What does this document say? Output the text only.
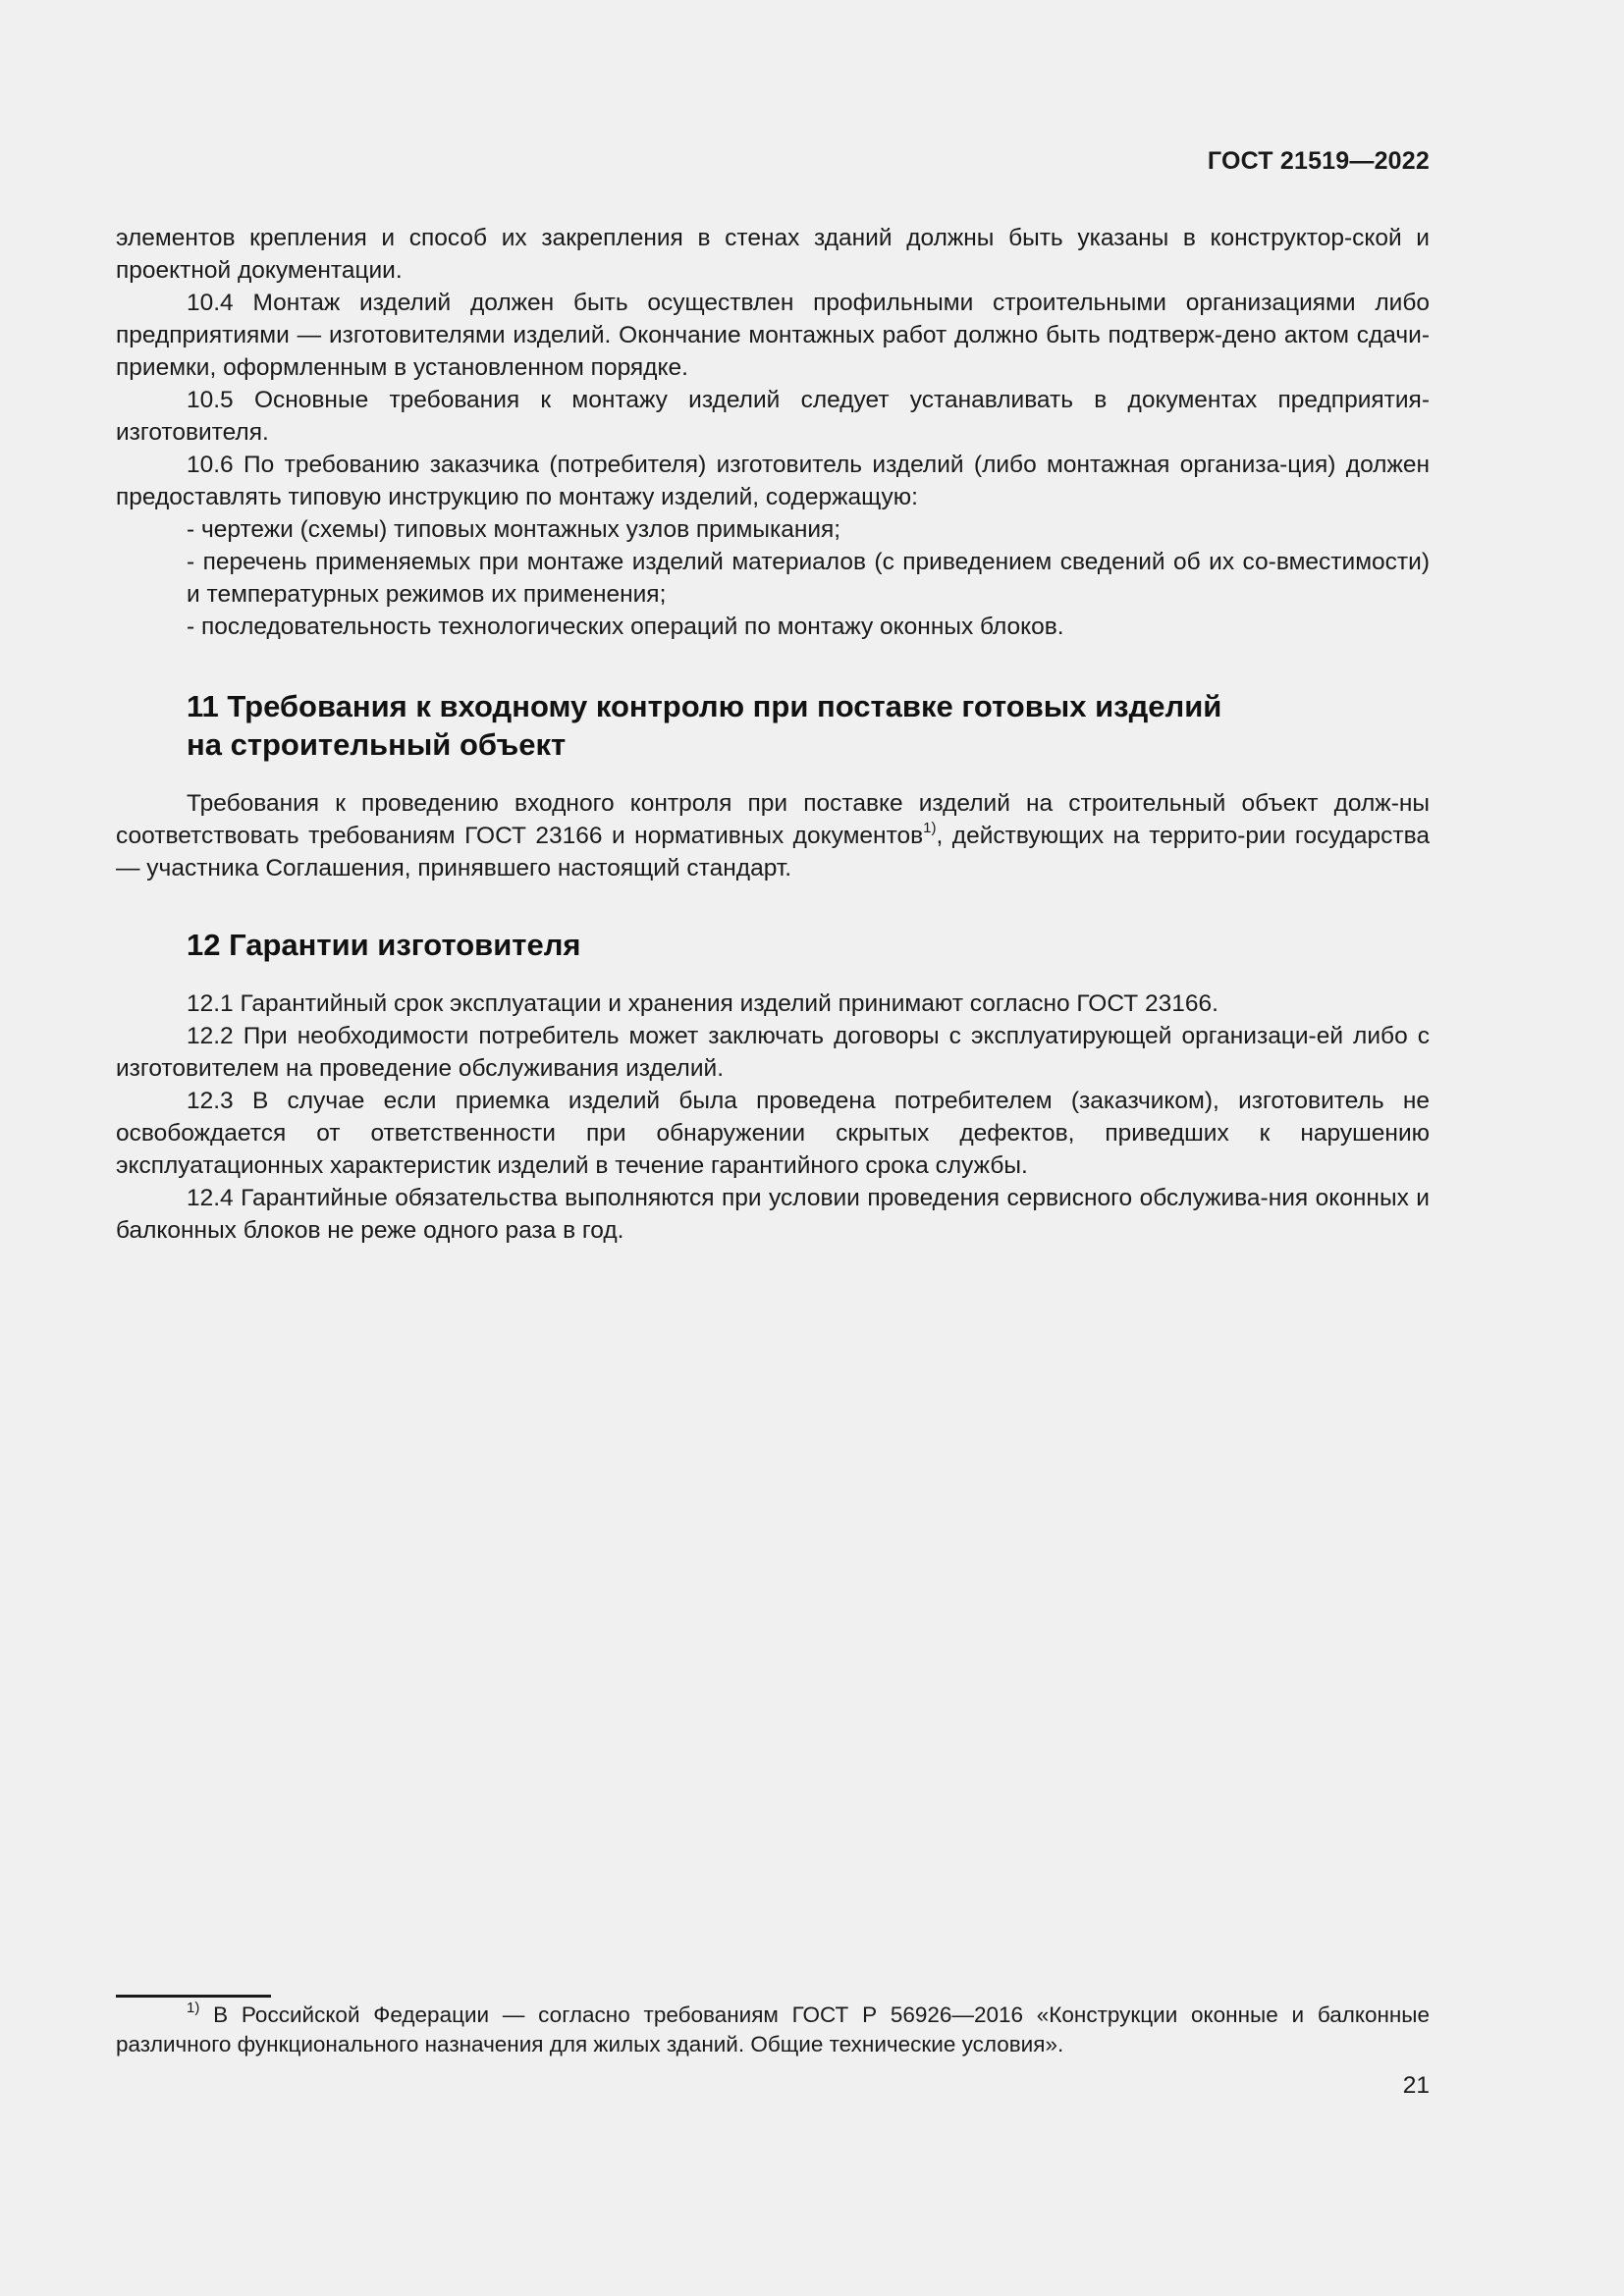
ГОСТ 21519—2022

элементов крепления и способ их закрепления в стенах зданий должны быть указаны в конструктор-ской и проектной документации.

10.4 Монтаж изделий должен быть осуществлен профильными строительными организациями либо предприятиями — изготовителями изделий. Окончание монтажных работ должно быть подтверж-дено актом сдачи-приемки, оформленным в установленном порядке.

10.5 Основные требования к монтажу изделий следует устанавливать в документах предприятия-изготовителя.

10.6 По требованию заказчика (потребителя) изготовитель изделий (либо монтажная организа-ция) должен предоставлять типовую инструкцию по монтажу изделий, содержащую:

- чертежи (схемы) типовых монтажных узлов примыкания;

- перечень применяемых при монтаже изделий материалов (с приведением сведений об их со-вместимости) и температурных режимов их применения;

- последовательность технологических операций по монтажу оконных блоков.

11 Требования к входному контролю при поставке готовых изделий
на строительный объект

Требования к проведению входного контроля при поставке изделий на строительный объект долж-ны соответствовать требованиям ГОСТ 23166 и нормативных документов$^{1)}$, действующих на террито-рии государства — участника Соглашения, принявшего настоящий стандарт.

12 Гарантии изготовителя

12.1 Гарантийный срок эксплуатации и хранения изделий принимают согласно ГОСТ 23166.

12.2 При необходимости потребитель может заключать договоры с эксплуатирующей организаци-ей либо с изготовителем на проведение обслуживания изделий.

12.3 В случае если приемка изделий была проведена потребителем (заказчиком), изготовитель не освобождается от ответственности при обнаружении скрытых дефектов, приведших к нарушению эксплуатационных характеристик изделий в течение гарантийного срока службы.

12.4 Гарантийные обязательства выполняются при условии проведения сервисного обслужива-ния оконных и балконных блоков не реже одного раза в год.

$^{1)}$ В Российской Федерации — согласно требованиям ГОСТ Р 56926—2016 «Конструкции оконные и балконные различного функционального назначения для жилых зданий. Общие технические условия».
21
